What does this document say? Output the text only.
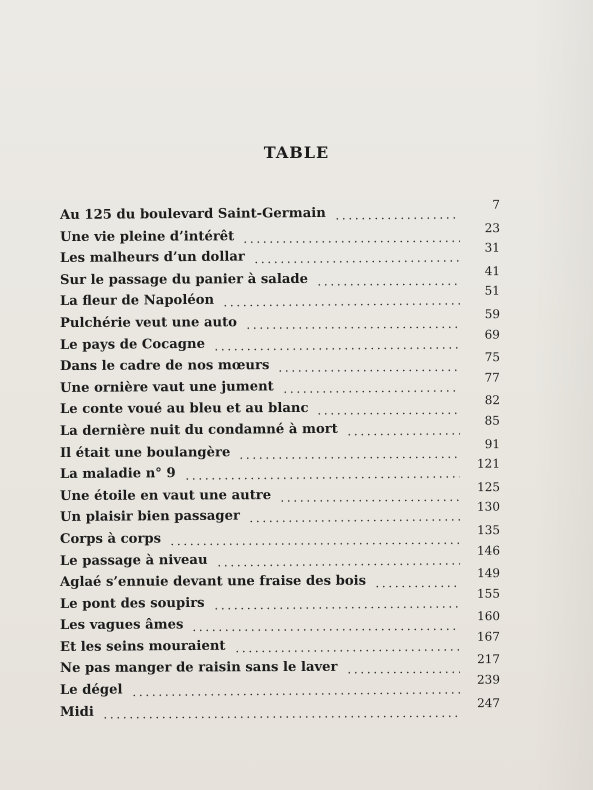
TABLE
Au 125 du boulevard Saint-Germain
7
Une vie pleine d’intérêt
23
Les malheurs d’un dollar
31
Sur le passage du panier à salade
41
La fleur de Napoléon
51
Pulchérie veut une auto
59
Le pays de Cocagne
69
Dans le cadre de nos mœurs
75
Une ornière vaut une jument
77
Le conte voué au bleu et au blanc
82
La dernière nuit du condamné à mort
85
Il était une boulangère
91
La maladie n° 9
121
Une étoile en vaut une autre
125
Un plaisir bien passager
130
Corps à corps
135
Le passage à niveau
146
Aglaé s’ennuie devant une fraise des bois
149
Le pont des soupirs
155
Les vagues âmes
160
Et les seins mouraient
167
Ne pas manger de raisin sans le laver
217
Le dégel
239
Midi
247
